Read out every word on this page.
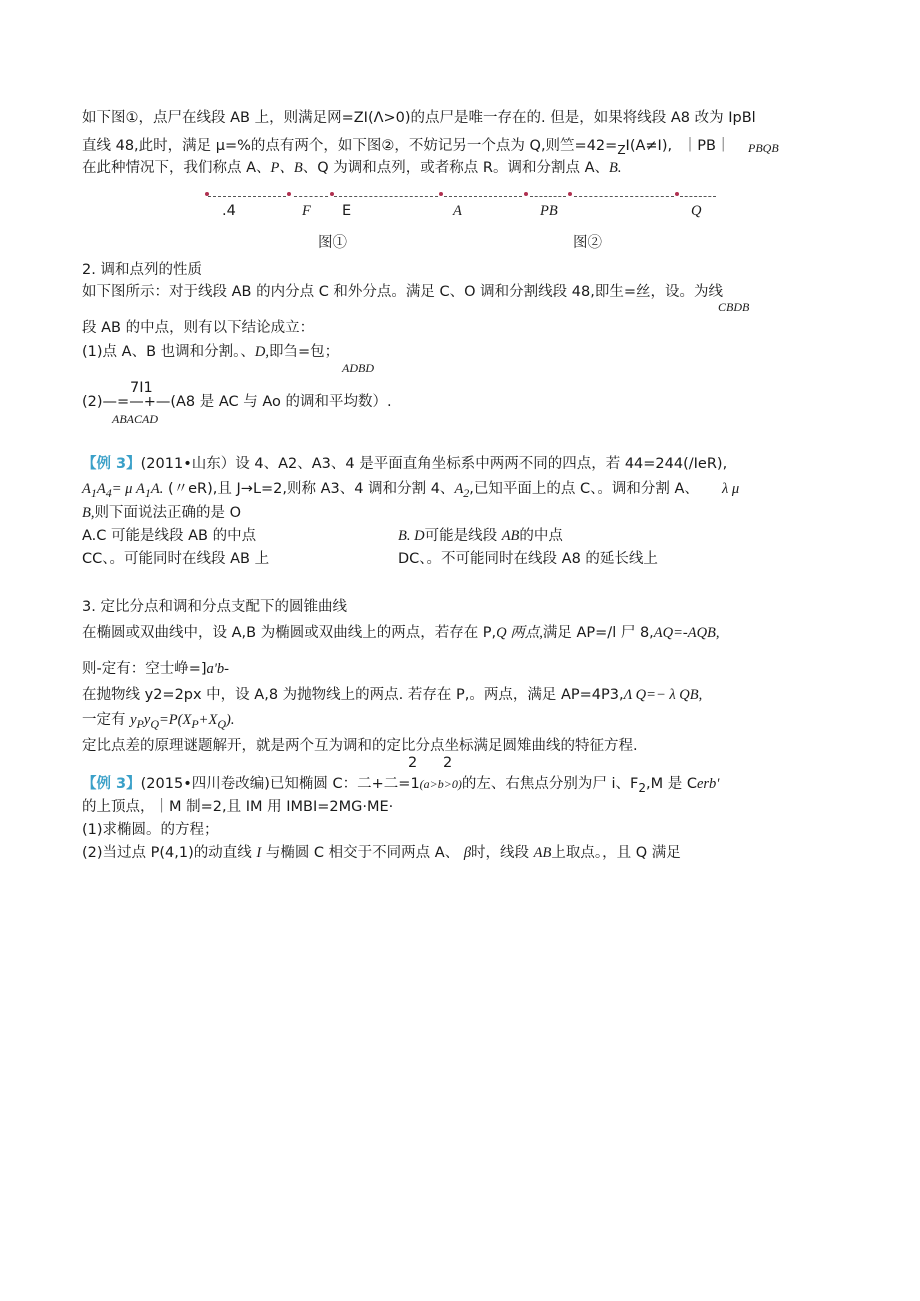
如下图①，点尸在线段 AB 上，则满足网=ZI(Λ>0)的点尸是唯一存在的. 但是，如果将线段 A8 改为 IpBl
直线 48,此时，满足 μ=%的点有两个，如下图②，不妨记另一个点为 Q,则竺$=42=_ZI(A\ne I)$, ｜PB｜ PBQB
在此种情况下，我们称点 A、P、B、Q 为调和点列，或者称点 R。调和分割点 A、B.
.4	F E	A	PB	Q
图①	图②
2. 调和点列的性质
如下图所示：对于线段 AB 的内分点 C 和外分点。满足 C、O 调和分割线段 48,即生=丝，设。为线
CBDB
段 AB 的中点，则有以下结论成立：
(1)点 A、B 也调和分割。、D,即刍=包；
ADBD
7I1
(2)—=—+—(A8 是 AC 与 Ao 的调和平均数）.
ABACAD
【例 3】(2011•山东）设 4、A2、A3、4 是平面直角坐标系中两两不同的四点，若 44=244(/IeR),
$A_1A_4= \mu$ $A_1A$. (〃eR),且 J→L=2,则称 A3、4 调和分割 4、$A_2$,已知平面上的点 C、。调和分割 A、 λ μ
B,则下面说法正确的是 O
A.C 可能是线段 AB 的中点	B. D可能是线段 AB的中点
CC、。可能同时在线段 AB 上	DC、。不可能同时在线段 A8 的延长线上
3. 定比分点和调和分点支配下的圆锥曲线
在椭圆或双曲线中，设 A,B 为椭圆或双曲线上的两点，若存在 P,Q 两点,满足 AP=∕l 尸 8,AQ=-AQB,
则-定有：空士峥=]a'b-
在抛物线 y2=2px 中，设 A,8 为抛物线上的两点. 若存在 P,。两点，满足 AP=4P3,Λ Q=− λ QB,
一定有 $y_Py_Q=P(X_P+X_Q)$.
定比点差的原理谜题解开，就是两个互为调和的定比分点坐标满足圆雉曲线的特征方程.
2 2
【例 3】(2015•四川卷改编)已知椭圆 C：二+二=1(a>b>0)的左、右焦点分别为尸 i、$F_2,M$ 是 Cerb'
的上顶点，｜M 制=2,且 IM 用 IMBI=2MG·ME·
(1)求椭圆。的方程；
(2)当过点 P(4,1)的动直线 I 与椭圆 C 相交于不同两点 A、 β时，线段 AB上取点。，且 Q 满足
